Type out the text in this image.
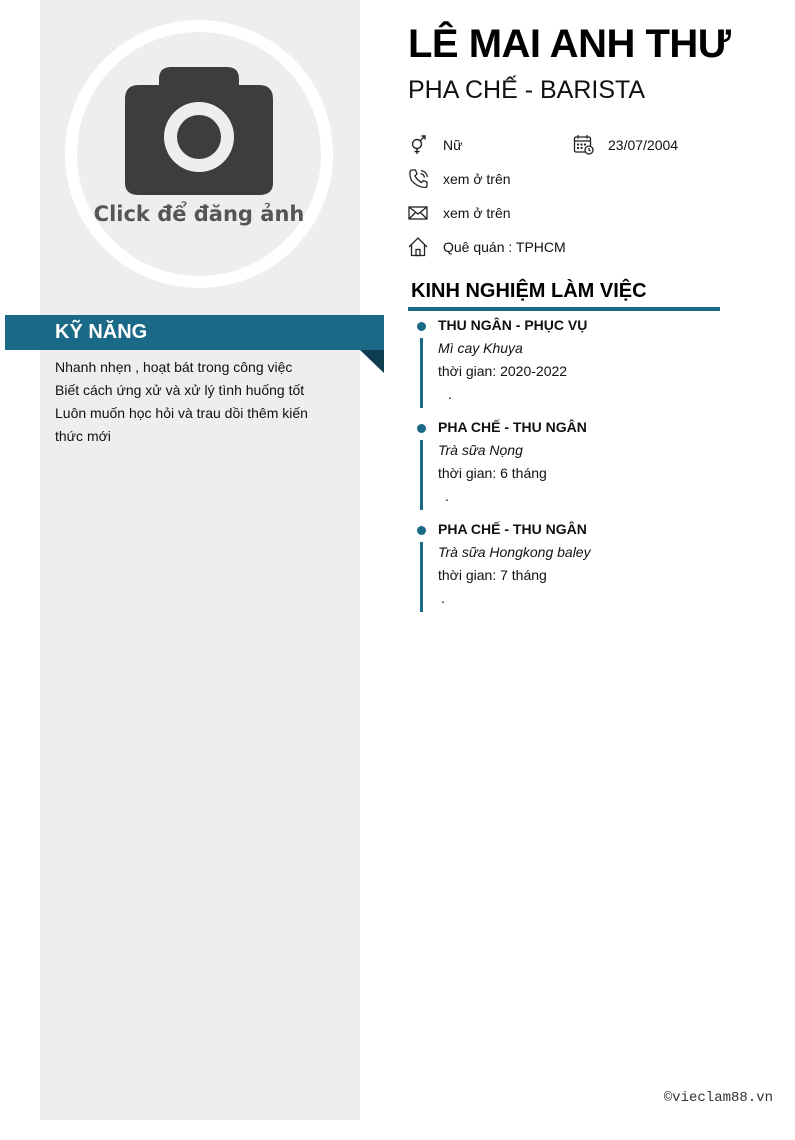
Click để đăng ảnh
KỸ NĂNG
Nhanh nhẹn , hoạt bát trong công việc
Biết cách ứng xử và xử lý tình huống tốt
Luôn muốn học hỏi và trau dồi thêm kiến thức mới
LÊ MAI ANH THƯ
PHA CHẾ - BARISTA
Nữ	23/07/2004
xem ở trên
xem ở trên
Quê quán : TPHCM
KINH NGHIỆM LÀM VIỆC
THU NGÂN - PHỤC VỤ
Mì cay Khuya
thời gian: 2020-2022
.
PHA CHẾ - THU NGÂN
Trà sữa Nọng
thời gian: 6 tháng
.
PHA CHẾ - THU NGÂN
Trà sữa Hongkong baley
thời gian: 7 tháng
.
©vieclam88.vn
